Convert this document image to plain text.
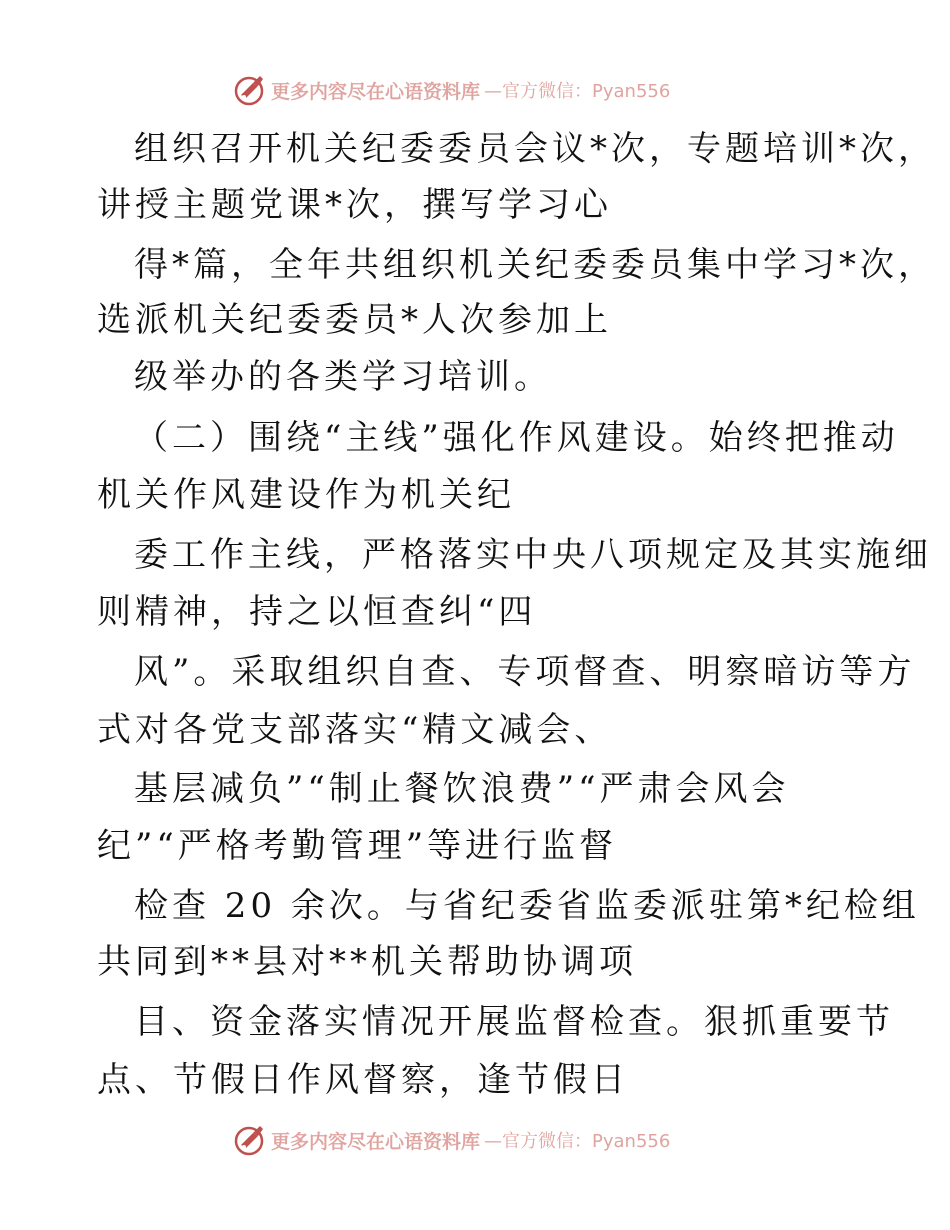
更多内容尽在心语资料库 —官方微信：Pyan556
组织召开机关纪委委员会议*次，专题培训*次，
讲授主题党课*次，撰写学习心
得*篇，全年共组织机关纪委委员集中学习*次，
选派机关纪委委员*人次参加上
级举办的各类学习培训。
（二）围绕“主线”强化作风建设。始终把推动
机关作风建设作为机关纪
委工作主线，严格落实中央八项规定及其实施细
则精神，持之以恒查纠“四
风”。采取组织自查、专项督查、明察暗访等方
式对各党支部落实“精文减会、
基层减负”“制止餐饮浪费”“严肃会风会
纪”“严格考勤管理”等进行监督
检查 20 余次。与省纪委省监委派驻第*纪检组
共同到**县对**机关帮助协调项
目、资金落实情况开展监督检查。狠抓重要节
点、节假日作风督察，逢节假日
更多内容尽在心语资料库 —官方微信：Pyan556
